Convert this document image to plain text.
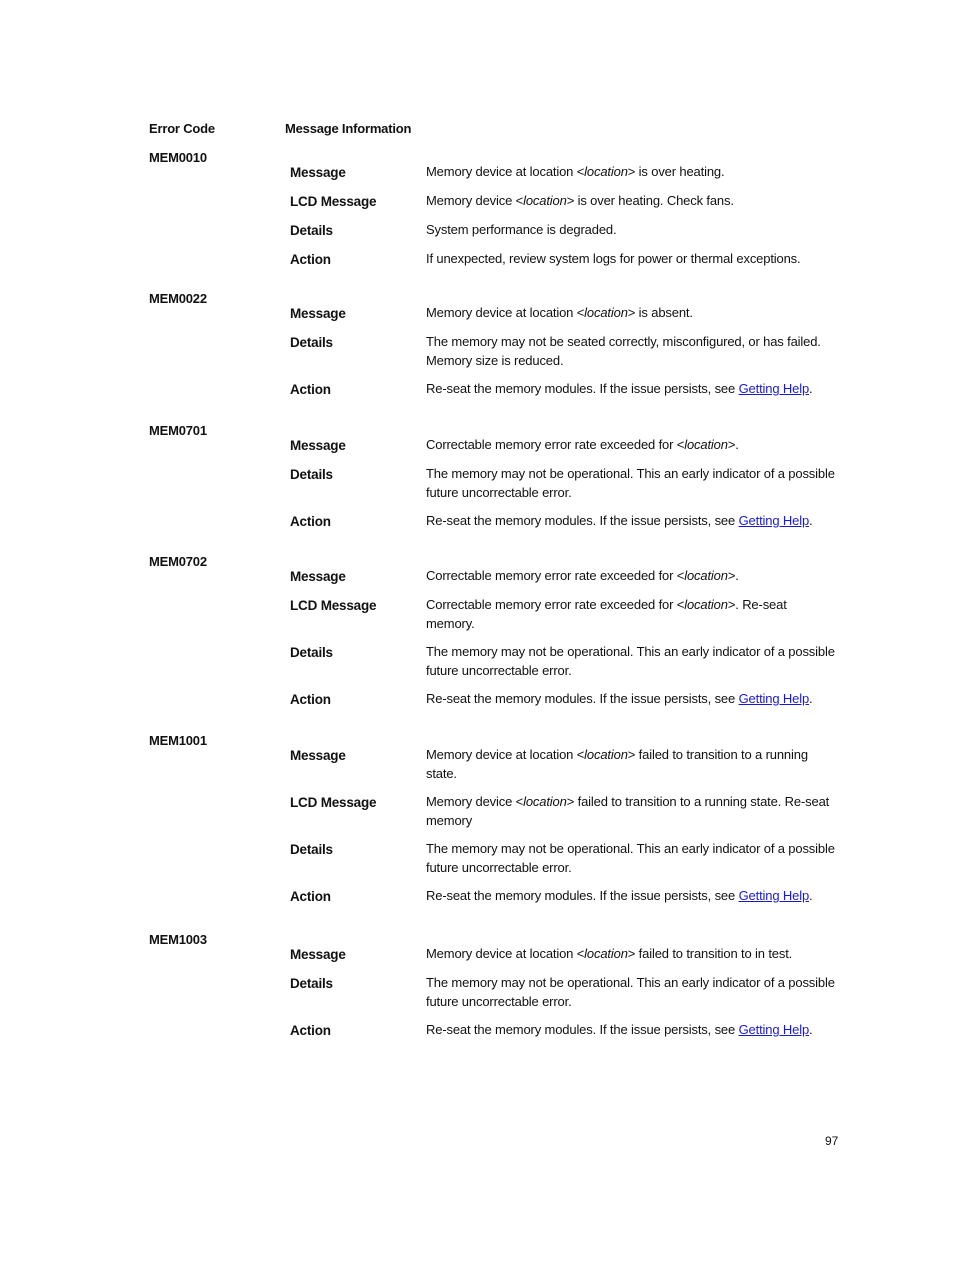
Error Code	Message Information
MEM0010
Message	Memory device at location <location> is over heating.
LCD Message	Memory device <location> is over heating. Check fans.
Details	System performance is degraded.
Action	If unexpected, review system logs for power or thermal exceptions.
MEM0022
Message	Memory device at location <location> is absent.
Details	The memory may not be seated correctly, misconfigured, or has failed. Memory size is reduced.
Action	Re-seat the memory modules. If the issue persists, see Getting Help.
MEM0701
Message	Correctable memory error rate exceeded for <location>.
Details	The memory may not be operational. This an early indicator of a possible future uncorrectable error.
Action	Re-seat the memory modules. If the issue persists, see Getting Help.
MEM0702
Message	Correctable memory error rate exceeded for <location>.
LCD Message	Correctable memory error rate exceeded for <location>. Re-seat memory.
Details	The memory may not be operational. This an early indicator of a possible future uncorrectable error.
Action	Re-seat the memory modules. If the issue persists, see Getting Help.
MEM1001
Message	Memory device at location <location> failed to transition to a running state.
LCD Message	Memory device <location> failed to transition to a running state. Re-seat memory
Details	The memory may not be operational. This an early indicator of a possible future uncorrectable error.
Action	Re-seat the memory modules. If the issue persists, see Getting Help.
MEM1003
Message	Memory device at location <location> failed to transition to in test.
Details	The memory may not be operational. This an early indicator of a possible future uncorrectable error.
Action	Re-seat the memory modules. If the issue persists, see Getting Help.
97
